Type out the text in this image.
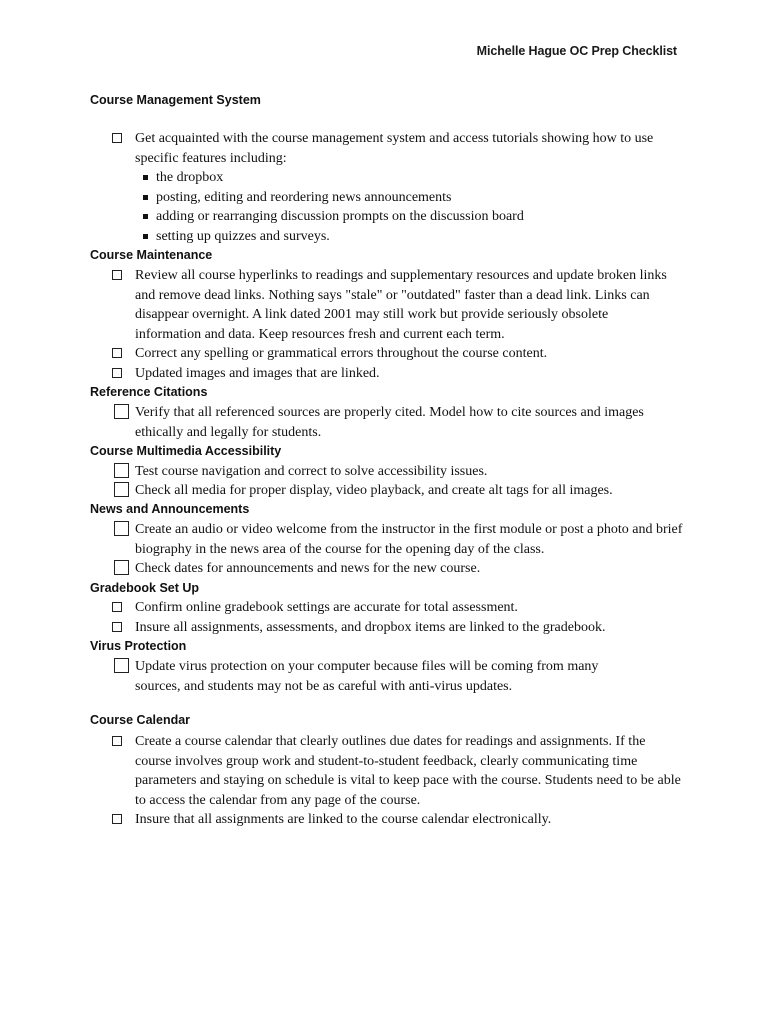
Michelle Hague OC Prep Checklist
Course Management System
Get acquainted with the course management system and access tutorials showing how to use specific features including:
the dropbox
posting, editing and reordering news announcements
adding or rearranging discussion prompts on the discussion board
setting up quizzes and surveys.
Course Maintenance
Review all course hyperlinks to readings and supplementary resources and update broken links and remove dead links. Nothing says "stale" or "outdated" faster than a dead link. Links can disappear overnight. A link dated 2001 may still work but provide seriously obsolete information and data. Keep resources fresh and current each term.
Correct any spelling or grammatical errors throughout the course content.
Updated images and images that are linked.
Reference Citations
Verify that all referenced sources are properly cited. Model how to cite sources and images ethically and legally for students.
Course Multimedia Accessibility
Test course navigation and correct to solve accessibility issues.
Check all media for proper display, video playback, and create alt tags for all images.
News and Announcements
Create an audio or video welcome from the instructor in the first module or post a photo and brief biography in the news area of the course for the opening day of the class.
Check dates for announcements and news for the new course.
Gradebook Set Up
Confirm online gradebook settings are accurate for total assessment.
Insure all assignments, assessments, and dropbox items are linked to the gradebook.
Virus Protection
Update virus protection on your computer because files will be coming from many sources, and students may not be as careful with anti-virus updates.
Course Calendar
Create a course calendar that clearly outlines due dates for readings and assignments. If the course involves group work and student-to-student feedback, clearly communicating time parameters and staying on schedule is vital to keep pace with the course. Students need to be able to access the calendar from any page of the course.
Insure that all assignments are linked to the course calendar electronically.
